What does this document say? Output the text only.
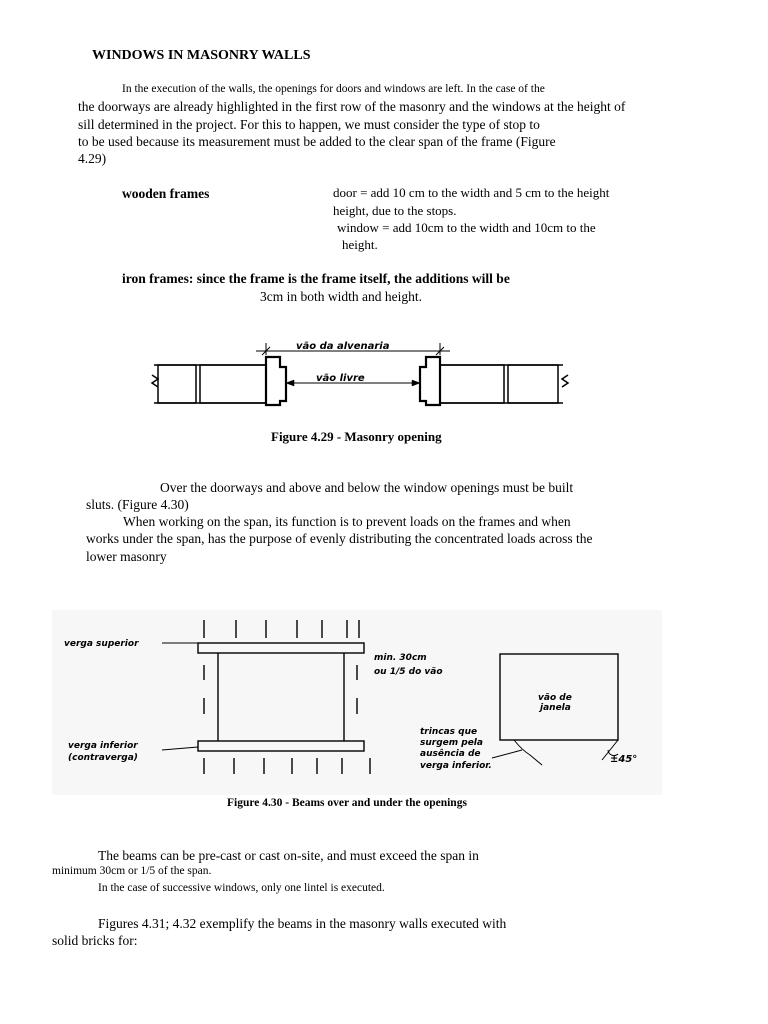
WINDOWS IN MASONRY WALLS
In the execution of the walls, the openings for doors and windows are left. In the case of the
the doorways are already highlighted in the first row of the masonry and the windows at the height of
sill determined in the project. For this to happen, we must consider the type of stop to
to be used because its measurement must be added to the clear span of the frame (Figure
4.29)
wooden frames	door = add 10 cm to the width and 5 cm to the height
height, due to the stops.
window = add 10cm to the width and 10cm to the
height.
iron frames: since the frame is the frame itself, the additions will be
3cm in both width and height.
vão da alvenaria
vão livre
Figure 4.29 - Masonry opening
Over the doorways and above and below the window openings must be built
sluts. (Figure 4.30)
When working on the span, its function is to prevent loads on the frames and when
works under the span, has the purpose of evenly distributing the concentrated loads across the
lower masonry
verga superior
verga inferior
(contraverga)
min. 30cm
ou 1/5 do vão
vão de
janela
trincas que
surgem pela
ausência de
verga inferior.
±45°
Figure 4.30 - Beams over and under the openings
The beams can be pre-cast or cast on-site, and must exceed the span in
minimum 30cm or 1/5 of the span.
In the case of successive windows, only one lintel is executed.
Figures 4.31; 4.32 exemplify the beams in the masonry walls executed with
solid bricks for:
